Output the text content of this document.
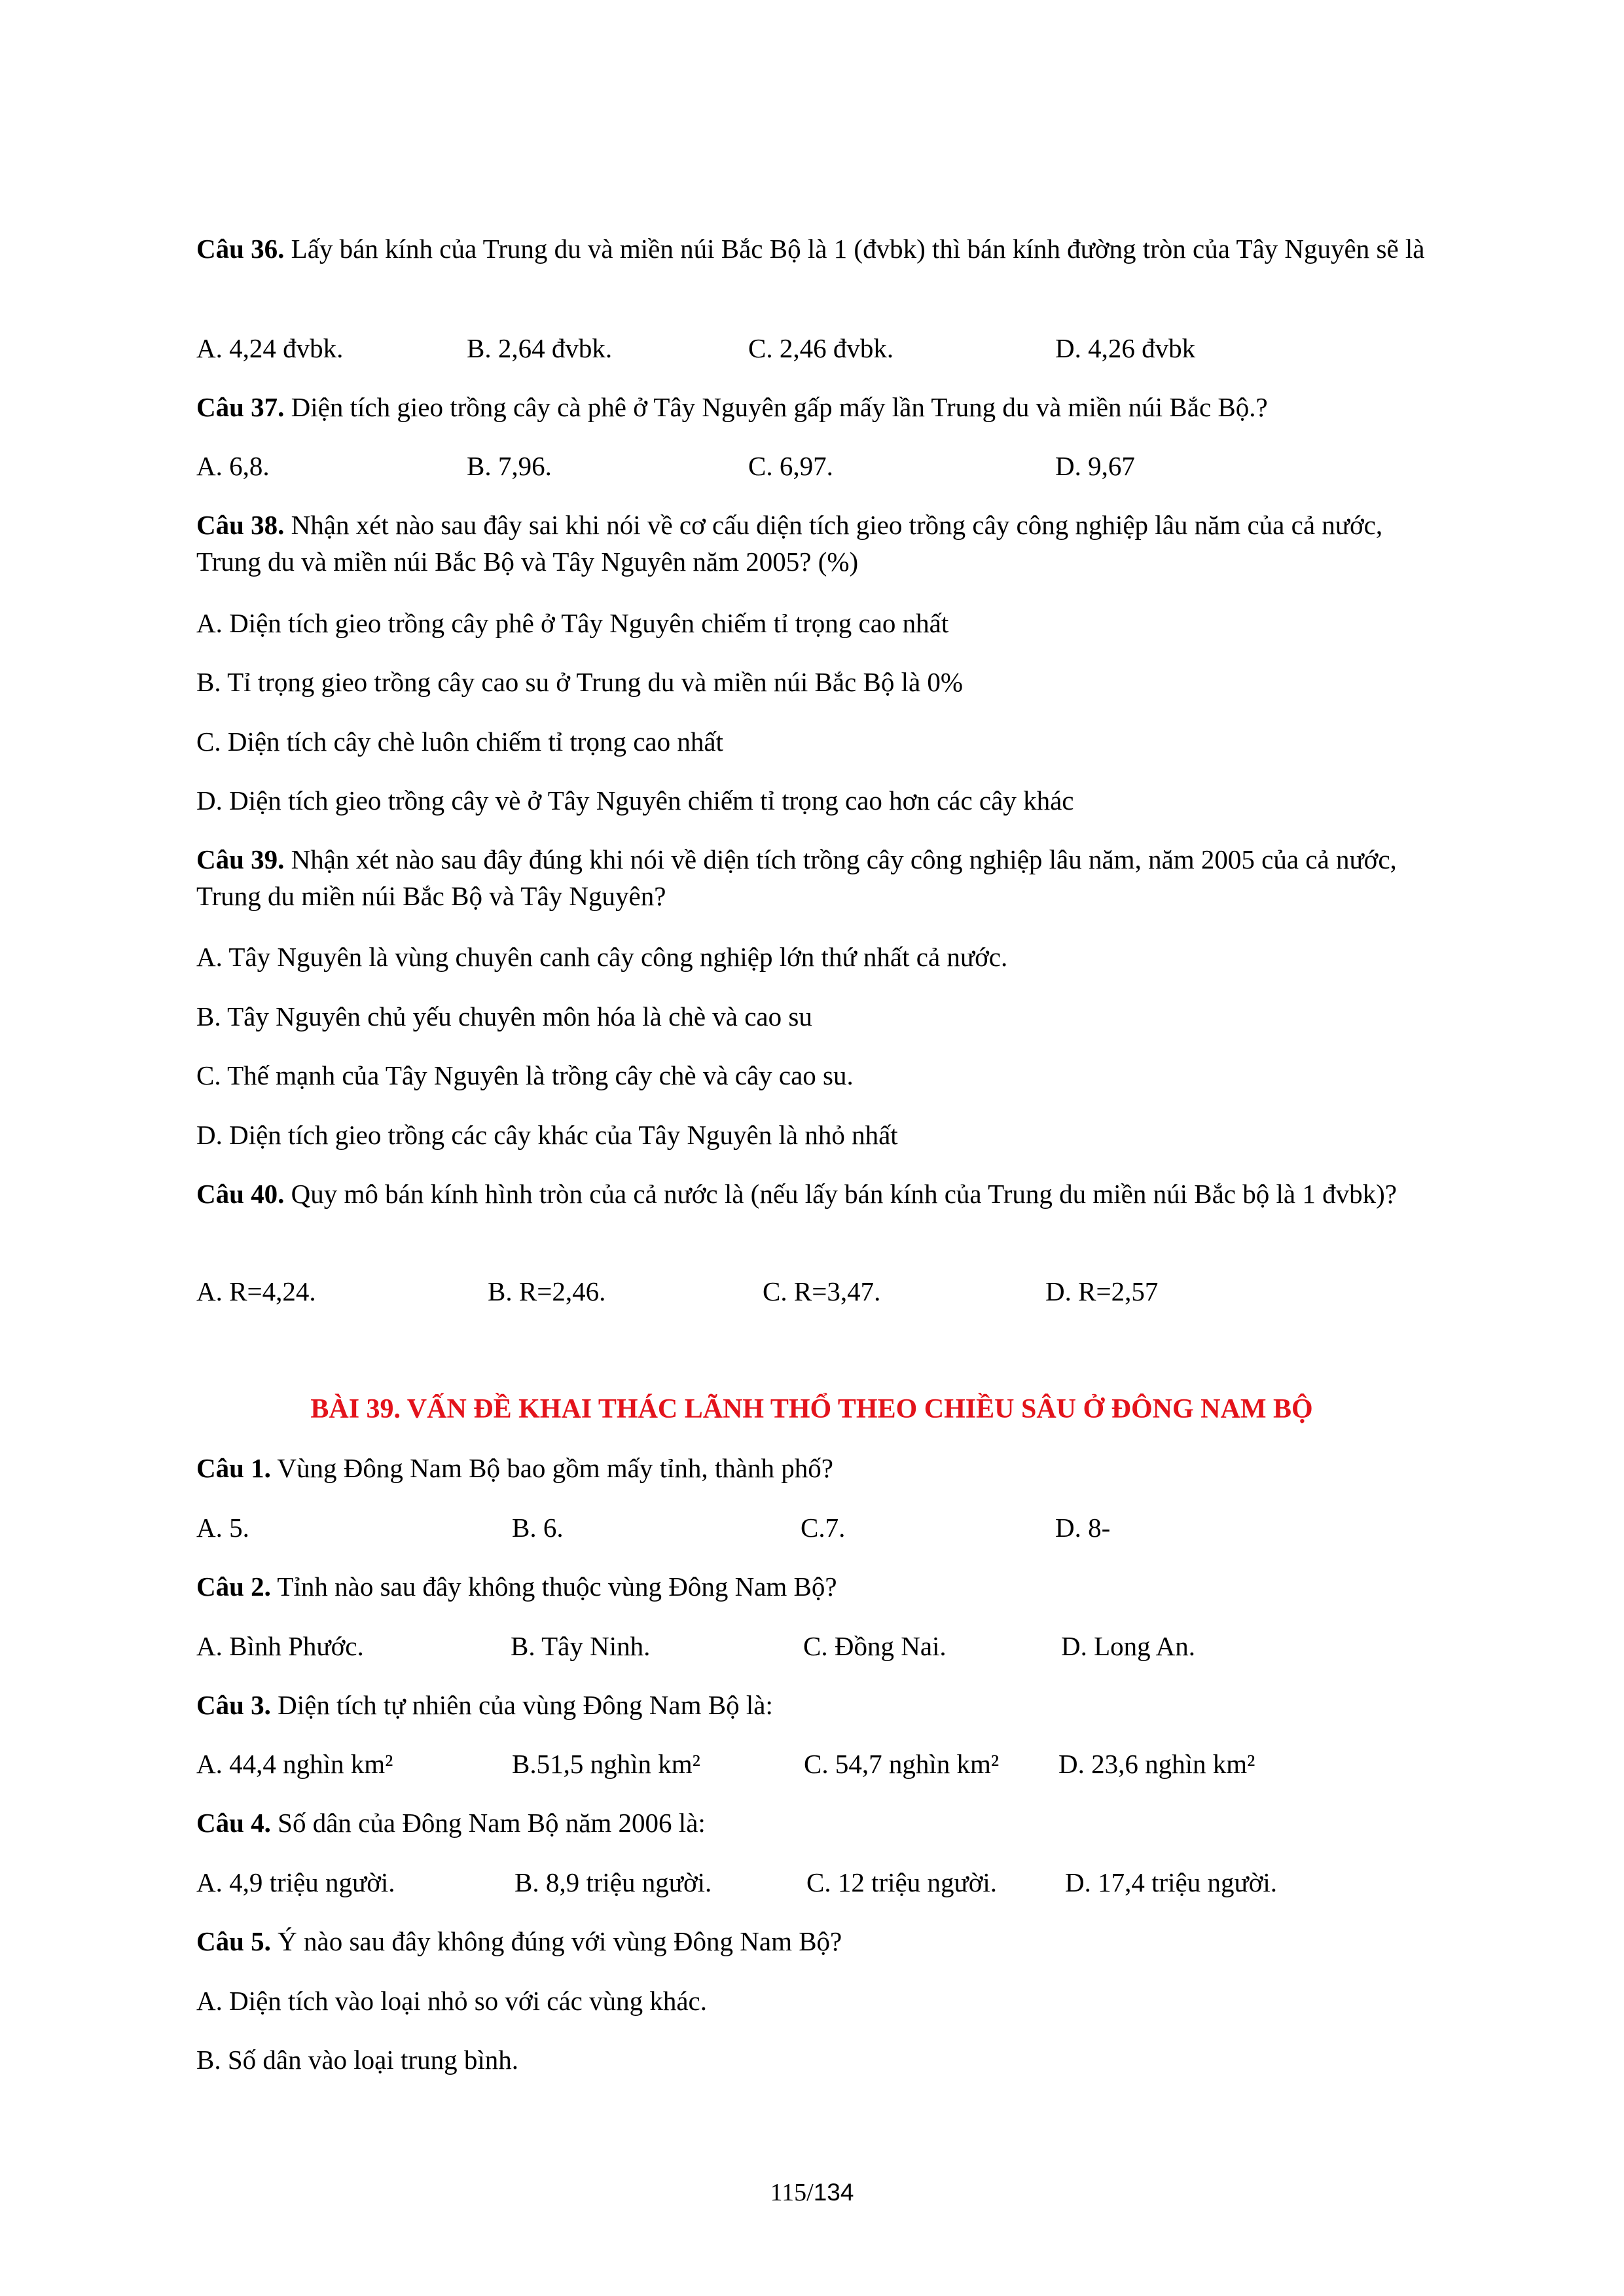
Câu 36. Lấy bán kính của Trung du và miền núi Bắc Bộ là 1 (đvbk) thì bán kính đường tròn của Tây Nguyên sẽ là
A. 4,24 đvbk.	B. 2,64 đvbk.	C. 2,46 đvbk.	D. 4,26 đvbk
Câu 37. Diện tích gieo trồng cây cà phê ở Tây Nguyên gấp mấy lần Trung du và miền núi Bắc Bộ.?
A. 6,8.	B. 7,96.	C. 6,97.	D. 9,67
Câu 38. Nhận xét nào sau đây sai khi nói về cơ cấu diện tích gieo trồng cây công nghiệp lâu năm của cả nước, Trung du và miền núi Bắc Bộ và Tây Nguyên năm 2005? (%)
A. Diện tích gieo trồng cây phê ở Tây Nguyên chiếm tỉ trọng cao nhất
B. Tỉ trọng gieo trồng cây cao su ở Trung du và miền núi Bắc Bộ là 0%
C. Diện tích cây chè luôn chiếm tỉ trọng cao nhất
D. Diện tích gieo trồng cây vè ở Tây Nguyên chiếm tỉ trọng cao hơn các cây khác
Câu 39. Nhận xét nào sau đây đúng khi nói về diện tích trồng cây công nghiệp lâu năm, năm 2005 của cả nước, Trung du miền núi Bắc Bộ và Tây Nguyên?
A. Tây Nguyên là vùng chuyên canh cây công nghiệp lớn thứ nhất cả nước.
B. Tây Nguyên chủ yếu chuyên môn hóa là chè và cao su
C. Thế mạnh của Tây Nguyên là trồng cây chè và cây cao su.
D. Diện tích gieo trồng các cây khác của Tây Nguyên là nhỏ nhất
Câu 40. Quy mô bán kính hình tròn của cả nước là (nếu lấy bán kính của Trung du miền núi Bắc bộ là 1 đvbk)?
A. R=4,24.	B. R=2,46.	C. R=3,47.	D. R=2,57
BÀI 39. VẤN ĐỀ KHAI THÁC LÃNH THỔ THEO CHIỀU SÂU Ở ĐÔNG NAM BỘ
Câu 1. Vùng Đông Nam Bộ bao gồm mấy tỉnh, thành phố?
A. 5.	B. 6.	C.7.	D. 8-
Câu 2. Tỉnh nào sau đây không thuộc vùng Đông Nam Bộ?
A. Bình Phước.	B. Tây Ninh.	C. Đồng Nai.	D. Long An.
Câu 3. Diện tích tự nhiên của vùng Đông Nam Bộ là:
A. 44,4 nghìn km²	B.51,5 nghìn km²	C. 54,7 nghìn km² D. 23,6 nghìn km²
Câu 4. Số dân của Đông Nam Bộ năm 2006 là:
A. 4,9 triệu người.	B. 8,9 triệu người.	C. 12 triệu người.	D. 17,4 triệu người.
Câu 5. Ý nào sau đây không đúng với vùng Đông Nam Bộ?
A. Diện tích vào loại nhỏ so với các vùng khác.
B. Số dân vào loại trung bình.
115/134
